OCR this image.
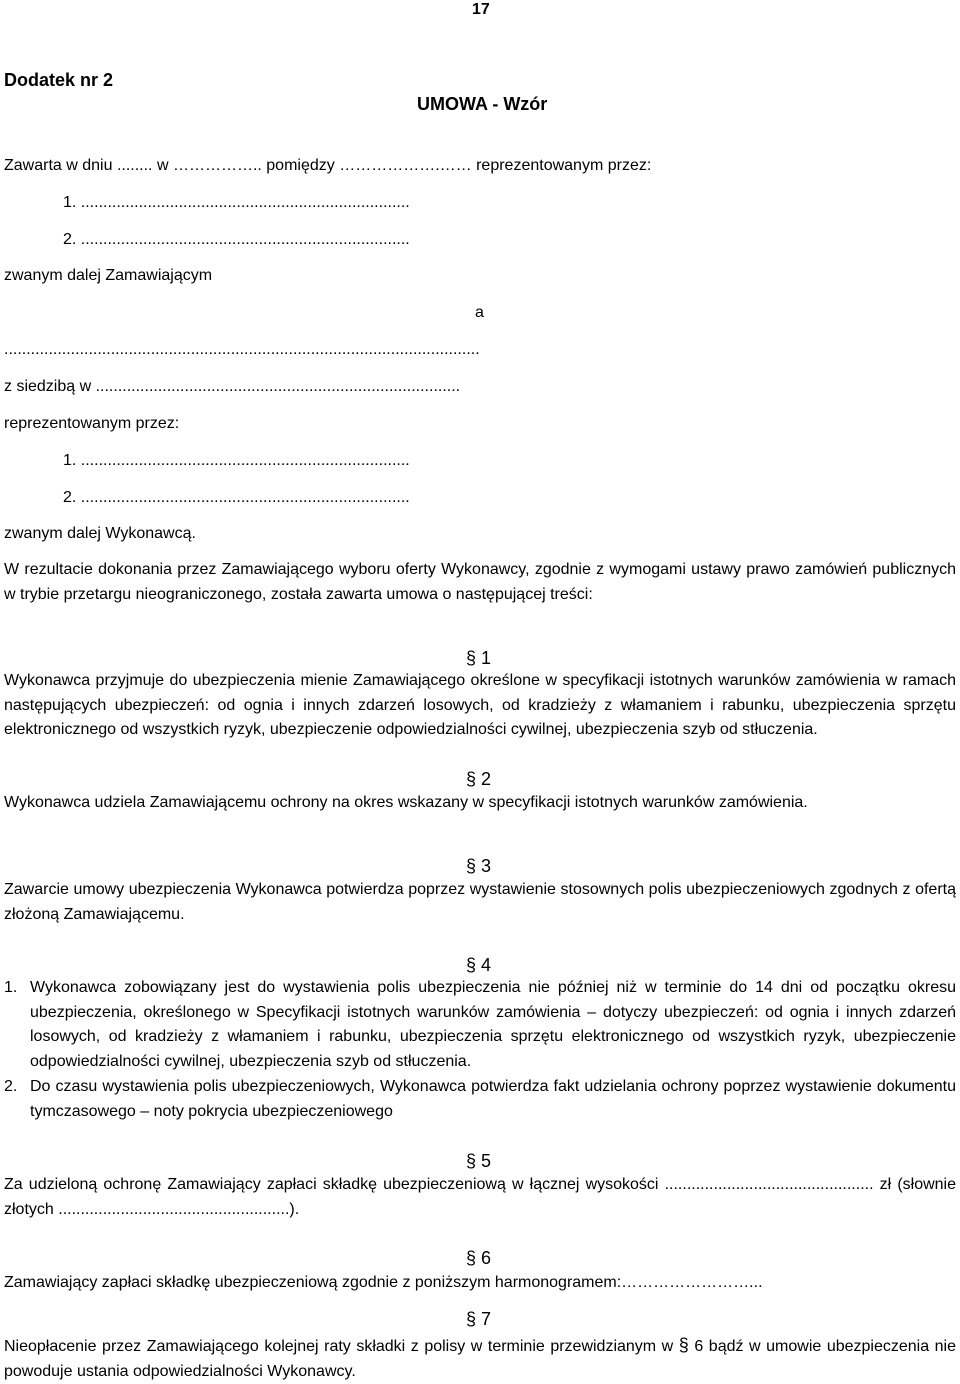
17
Dodatek nr 2
UMOWA - Wzór
Zawarta w dniu ........ w …………….. pomiędzy ……………….…… reprezentowanym przez:
1. ..........................................................................
2. ..........................................................................
zwanym dalej Zamawiającym
a
...........................................................................................................
z siedzibą w ..................................................................................
reprezentowanym przez:
1. ..........................................................................
2. ..........................................................................
zwanym dalej Wykonawcą.
W rezultacie dokonania przez Zamawiającego wyboru oferty Wykonawcy, zgodnie z wymogami ustawy prawo zamówień publicznych w trybie przetargu nieograniczonego, została zawarta umowa o następującej treści:
§ 1
Wykonawca przyjmuje do ubezpieczenia mienie Zamawiającego określone w specyfikacji istotnych warunków zamówienia w ramach następujących ubezpieczeń: od ognia i innych zdarzeń losowych, od kradzieży z włamaniem i rabunku, ubezpieczenia sprzętu elektronicznego od wszystkich ryzyk, ubezpieczenie odpowiedzialności cywilnej, ubezpieczenia szyb od stłuczenia.
§ 2
Wykonawca udziela Zamawiającemu ochrony na okres wskazany w specyfikacji istotnych warunków zamówienia.
§ 3
Zawarcie umowy ubezpieczenia Wykonawca potwierdza poprzez wystawienie stosownych polis ubezpieczeniowych zgodnych z ofertą złożoną Zamawiającemu.
§ 4
1. Wykonawca zobowiązany jest do wystawienia polis ubezpieczenia nie później niż w terminie do 14 dni od początku okresu ubezpieczenia, określonego w Specyfikacji istotnych warunków zamówienia – dotyczy ubezpieczeń: od ognia i innych zdarzeń losowych, od kradzieży z włamaniem i rabunku, ubezpieczenia sprzętu elektronicznego od wszystkich ryzyk, ubezpieczenie odpowiedzialności cywilnej, ubezpieczenia szyb od stłuczenia.
2. Do czasu wystawienia polis ubezpieczeniowych, Wykonawca potwierdza fakt udzielania ochrony poprzez wystawienie dokumentu tymczasowego – noty pokrycia ubezpieczeniowego
§ 5
Za udzieloną ochronę Zamawiający zapłaci składkę ubezpieczeniową w łącznej wysokości ............................................... zł (słownie złotych ....................................................).
§ 6
Zamawiający zapłaci składkę ubezpieczeniową zgodnie z poniższym harmonogramem:……………………...
§ 7
Nieopłacenie przez Zamawiającego kolejnej raty składki z polisy w terminie przewidzianym w § 6 bądź w umowie ubezpieczenia nie powoduje ustania odpowiedzialności Wykonawcy.
